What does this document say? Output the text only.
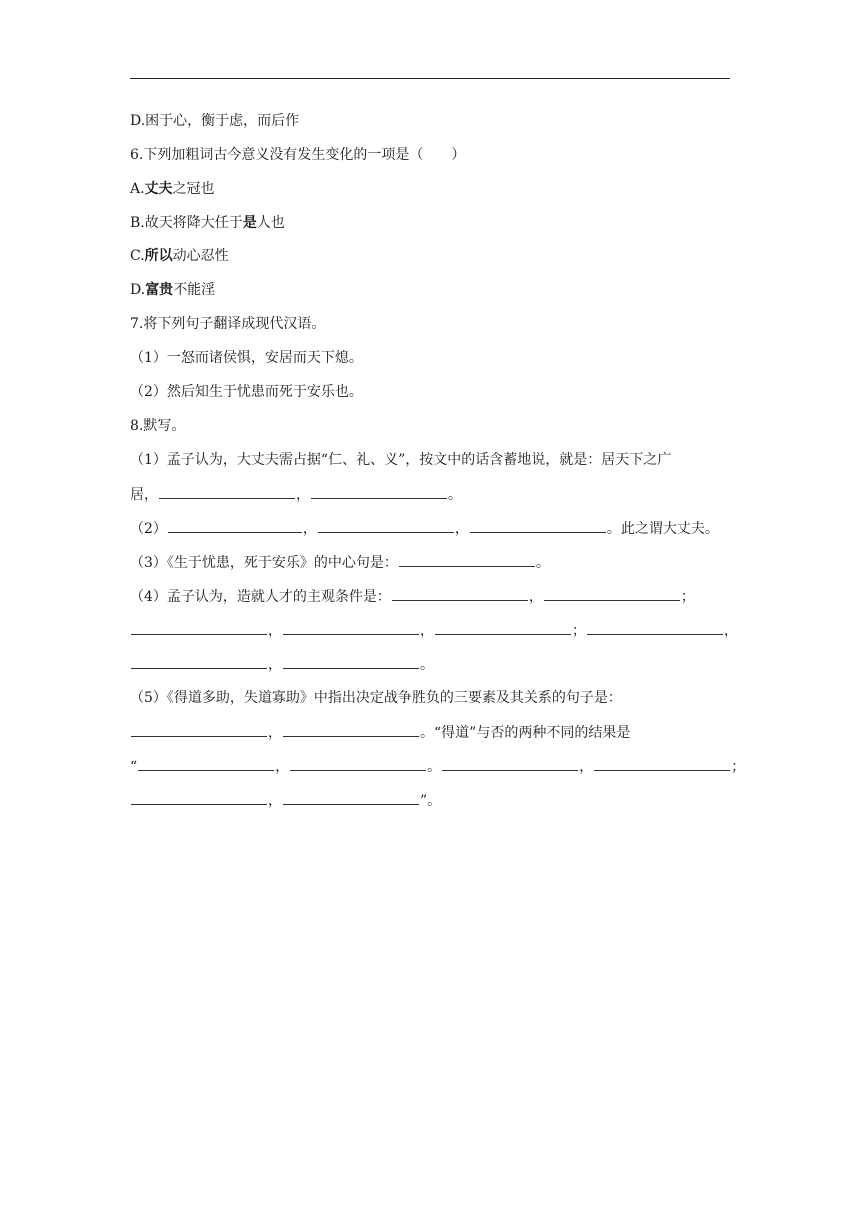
D.困于心，衡于虑，而后作
6.下列加粗词古今意义没有发生变化的一项是（　　）
A.丈夫之冠也
B.故天将降大任于是人也
C.所以动心忍性
D.富贵不能淫
7.将下列句子翻译成现代汉语。
（1）一怒而诸侯惧，安居而天下熄。
（2）然后知生于忧患而死于安乐也。
8.默写。
（1）孟子认为，大丈夫需占据“仁、礼、义”，按文中的话含蓄地说，就是：居天下之广
居，	，	。
（2）	，	，	。此之谓大丈夫。
（3）《生于忧患，死于安乐》的中心句是：	。
（4）孟子认为，造就人才的主观条件是：	，	；
，	，	；	，
，	。
（5）《得道多助，失道寡助》中指出决定战争胜负的三要素及其关系的句子是：
，	。“得道”与否的两种不同的结果是
“	，	。	，	；
，	”。
